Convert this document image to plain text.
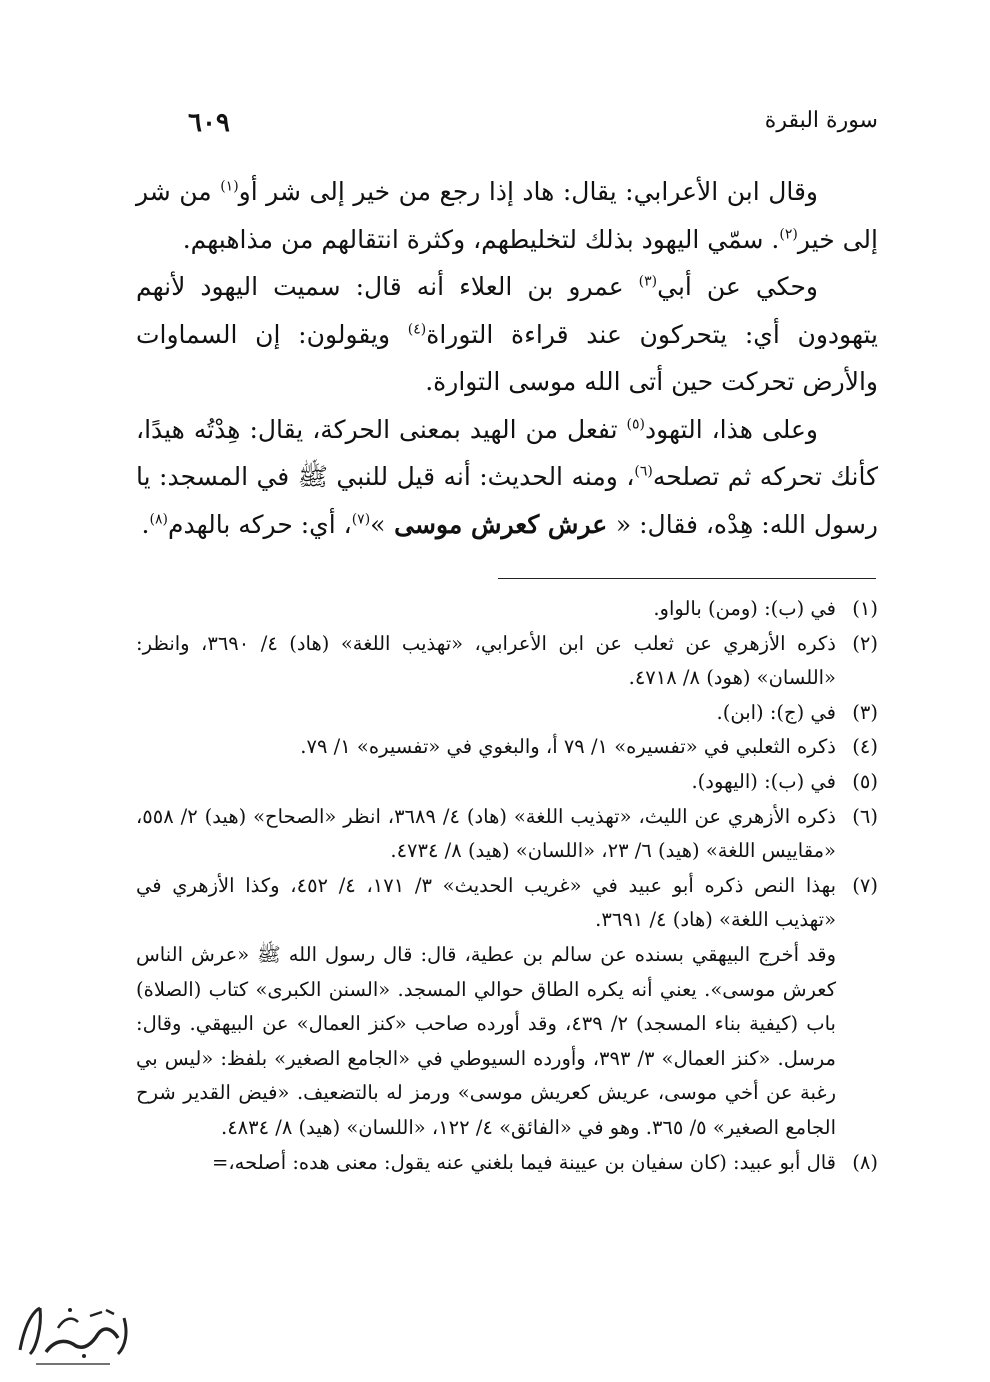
سورة البقرة
٦٠٩

وقال ابن الأعرابي: يقال: هاد إذا رجع من خير إلى شر أو$^{(١)}$ من شر إلى خير$^{(٢)}$. سمّي اليهود بذلك لتخليطهم، وكثرة انتقالهم من مذاهبهم.

وحكي عن أبي$^{(٣)}$ عمرو بن العلاء أنه قال: سميت اليهود لأنهم يتهودون أي: يتحركون عند قراءة التوراة$^{(٤)}$ ويقولون: إن السماوات والأرض تحركت حين أتى الله موسى التوارة.

وعلى هذا، التهود$^{(٥)}$ تفعل من الهيد بمعنى الحركة، يقال: هِدْتُه هيدًا، كأنك تحركه ثم تصلحه$^{(٦)}$، ومنه الحديث: أنه قيل للنبي ﷺ في المسجد: يا رسول الله: هِدْه، فقال: « عرش كعرش موسى »$^{(٧)}$، أي: حركه بالهدم$^{(٨)}$.

(١)
في (ب): (ومن) بالواو.
(٢)
ذكره الأزهري عن ثعلب عن ابن الأعرابي، «تهذيب اللغة» (هاد) ٤/ ٣٦٩٠، وانظر: «اللسان» (هود) ٨/ ٤٧١٨.
(٣)
في (ج): (ابن).
(٤)
ذكره الثعلبي في «تفسيره» ١/ ٧٩ أ، والبغوي في «تفسيره» ١/ ٧٩.
(٥)
في (ب): (اليهود).
(٦)
ذكره الأزهري عن الليث، «تهذيب اللغة» (هاد) ٤/ ٣٦٨٩، انظر «الصحاح» (هيد) ٢/ ٥٥٨، «مقاييس اللغة» (هيد) ٦/ ٢٣، «اللسان» (هيد) ٨/ ٤٧٣٤.
(٧)
بهذا النص ذكره أبو عبيد في «غريب الحديث» ٣/ ١٧١، ٤/ ٤٥٢، وكذا الأزهري في «تهذيب اللغة» (هاد) ٤/ ٣٦٩١.
وقد أخرج البيهقي بسنده عن سالم بن عطية، قال: قال رسول الله ﷺ «عرش الناس كعرش موسى». يعني أنه يكره الطاق حوالي المسجد. «السنن الكبرى» كتاب (الصلاة) باب (كيفية بناء المسجد) ٢/ ٤٣٩، وقد أورده صاحب «كنز العمال» عن البيهقي. وقال: مرسل. «كنز العمال» ٣/ ٣٩٣، وأورده السيوطي في «الجامع الصغير» بلفظ: «ليس بي رغبة عن أخي موسى، عريش كعريش موسى» ورمز له بالتضعيف. «فيض القدير شرح الجامع الصغير» ٥/ ٣٦٥. وهو في «الفائق» ٤/ ١٢٢، «اللسان» (هيد) ٨/ ٤٨٣٤.
(٨)
قال أبو عبيد: (كان سفيان بن عيينة فيما بلغني عنه يقول: معنى هده: أصلحه،=
